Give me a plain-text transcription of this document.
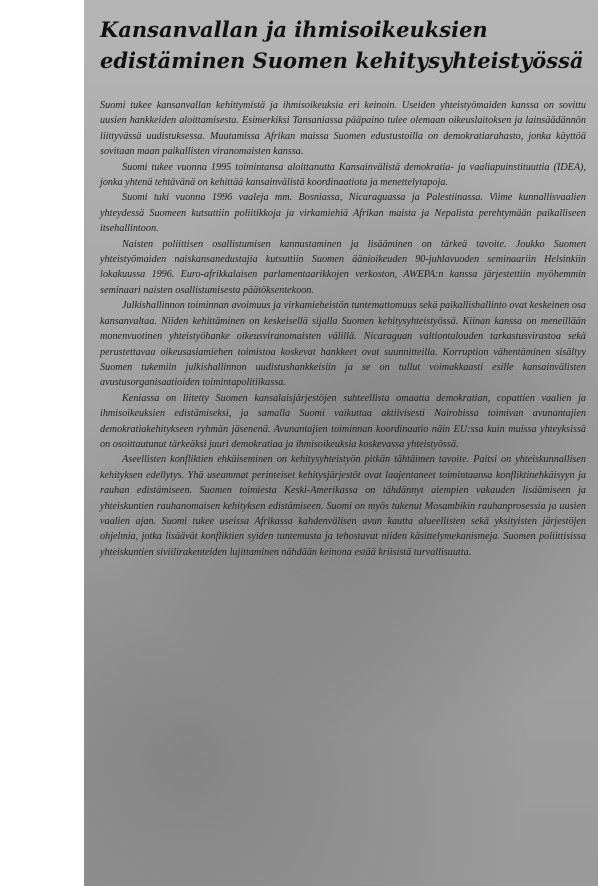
Kansanvallan ja ihmisoikeuksien
edistäminen Suomen kehitysyhteistyössä

Suomi tukee kansanvallan kehittymistä ja ihmisoikeuksia eri keinoin. Useiden yhteistyömaiden kanssa on sovittu uusien hankkeiden aloittamisesta. Esimerkiksi Tansaniassa pääpaino tulee olemaan oikeuslaitoksen ja lainsäädännön liittyvässä uudistuksessa. Muutamissa Afrikan maissa Suomen edustustoilla on demokratiarahasto, jonka käyttöä sovitaan maan paikallisten viranomaisten kanssa.

Suomi tukee vuonna 1995 toimintansa aloittanutta Kansainvälistä demokratia- ja vaaliapuinstituuttia (IDEA), jonka yhtenä tehtävänä on kehittää kansainvälistä koordinaatiota ja menettelytapoja.

Suomi tuki vuonna 1996 vaaleja mm. Bosniassa, Nicaraguassa ja Palestiinassa. Viime kunnallisvaalien yhteydessä Suomeen kutsuttiin poliitikkoja ja virkamiehiä Afrikan maista ja Nepalista perehtymään paikalliseen itsehallintoon.

Naisten poliittisen osallistumisen kannustaminen ja lisääminen on tärkeä tavoite. Joukko Suomen yhteistyömaiden naiskansanedustajia kutsuttiin Suomen äänioikeuden 90-juhlavuoden seminaariin Helsinkiin lokakuussa 1996. Euro-afrikkalaisen parlamentaarikkojen verkoston, AWEPA:n kanssa järjestettiin myöhemmin seminaari naisten osallistumisesta päätöksentekoon.

Julkishallinnon toiminnan avoimuus ja virkamieheistön tuntemattomuus sekä paikallishallinto ovat keskeinen osa kansanvaltaa. Niiden kehittäminen on keskeisellä sijalla Suomen kehitysyhteistyössä. Kiinan kanssa on meneillään monenvuotinen yhteistyöhanke oikeusviranomaisten välillä. Nicaraguan valtiontalouden tarkastusvirastoa sekä perustettavaa oikeusasiamiehen toimistoa koskevat hankkeet ovat suunnitteilla. Korruption vähentäminen sisältyy Suomen tukemiin julkishallinnon uudistushankkeisiin ja se on tullut voimakkaasti esille kansainvälisten avustusorganisaatioiden toimintapolitiikassa.

Keniassa on liitetty Suomen kansalaisjärjestöjen suhteellista omaatta demokratian, copattien vaalien ja ihmisoikeuksien edistämiseksi, ja samalla Suomi vaikuttaa aktiivisesti Nairobissa toimivan avunantajien demokratiakehitykseen ryhmän jäsenenä. Avunantajien toiminnan koordinaatio näin EU:ssa kuin muissa yhteyksissä on osoittautunut tärkeäksi juuri demokratiaa ja ihmisoikeuksia koskevassa yhteistyössä.

Aseellisten konfliktien ehkäiseminen on kehitysyhteistyön pitkän tähtäimen tavoite. Paitsi on yhteiskunnallisen kehityksen edellytys. Yhä useammat perinteiset kehitysjärjestöt ovat laajentaneet toimintaansa konfliktinehkäisyyn ja rauhan edistämiseen. Suomen toimiesta Keski-Amerikassa on tähdännyt aiempien vakauden lisäämiseen ja yhteiskuntien rauhanomaisen kehityksen edistämiseen. Suomi on myös tukenut Mosambikin rauhanprosessia ja uusien vaalien ajan. Suomi tukee useissa Afrikassa kahdenvälisen avun kautta alueellisten sekä yksityisten järjestöjen ohjelmia, jotka lisäävät konfliktien syiden tuntemusta ja tehostavat niiden käsittelymekanismeja. Suomen poliittisissa yhteiskuntien siviilirakenteiden lujittaminen nähdään keinona estää kriisistä turvallisuutta.
